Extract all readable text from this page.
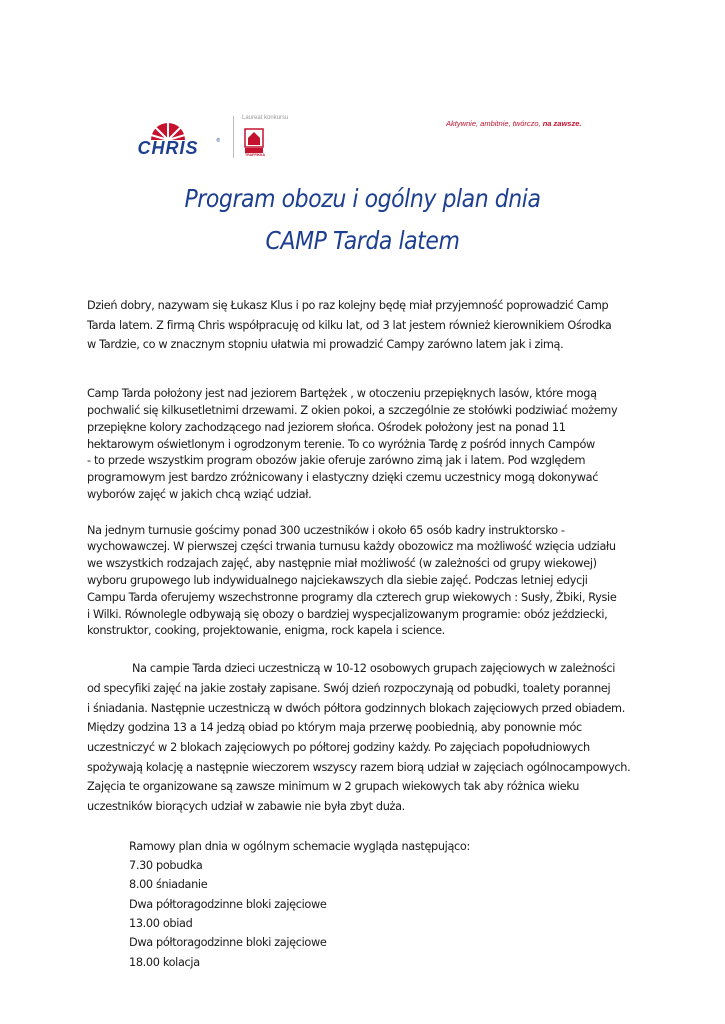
CHRIS	®
Laureat konkursu
TRAFFIKKA
Aktywnie, ambitnie, twórczo, na zawsze.
Program obozu i ogólny plan dnia
CAMP Tarda latem

Dzień dobry, nazywam się Łukasz Klus i po raz kolejny będę miał przyjemność poprowadzić Camp

Tarda latem. Z firmą Chris współpracuję od kilku lat, od 3 lat jestem również kierownikiem Ośrodka

w Tardzie, co w znacznym stopniu ułatwia mi prowadzić Campy zarówno latem jak i zimą.

Camp Tarda położony jest nad jeziorem Bartężek , w otoczeniu przepięknych lasów, które mogą

pochwalić się kilkusetletnimi drzewami. Z okien pokoi, a szczególnie ze stołówki podziwiać możemy

przepiękne kolory zachodzącego nad jeziorem słońca. Ośrodek położony jest na ponad 11

hektarowym oświetlonym i ogrodzonym terenie. To co wyróżnia Tardę z pośród innych Campów

- to przede wszystkim program obozów jakie oferuje zarówno zimą jak i latem. Pod względem

programowym jest bardzo zróżnicowany i elastyczny dzięki czemu uczestnicy mogą dokonywać

wyborów zajęć w jakich chcą wziąć udział.

Na jednym turnusie gościmy ponad 300 uczestników i około 65 osób kadry instruktorsko -

wychowawczej. W pierwszej części trwania turnusu każdy obozowicz ma możliwość wzięcia udziału

we wszystkich rodzajach zajęć, aby następnie miał możliwość (w zależności od grupy wiekowej)

wyboru grupowego lub indywidualnego najciekawszych dla siebie zajęć. Podczas letniej edycji

Campu Tarda oferujemy wszechstronne programy dla czterech grup wiekowych : Susły, Żbiki, Rysie

i Wilki. Równolegle odbywają się obozy o bardziej wyspecjalizowanym programie: obóz jeździecki,

konstruktor, cooking, projektowanie, enigma, rock kapela i science.

Na campie Tarda dzieci uczestniczą w 10-12 osobowych grupach zajęciowych w zależności

od specyfiki zajęć na jakie zostały zapisane. Swój dzień rozpoczynają od pobudki, toalety porannej

i śniadania. Następnie uczestniczą w dwóch półtora godzinnych blokach zajęciowych przed obiadem.

Między godzina 13 a 14 jedzą obiad po którym maja przerwę poobiednią, aby ponownie móc

uczestniczyć w 2 blokach zajęciowych po półtorej godziny każdy. Po zajęciach popołudniowych

spożywają kolację a następnie wieczorem wszyscy razem biorą udział w zajęciach ogólnocampowych.

Zajęcia te organizowane są zawsze minimum w 2 grupach wiekowych tak aby różnica wieku

uczestników biorących udział w zabawie nie była zbyt duża.

Ramowy plan dnia w ogólnym schemacie wygląda następująco:

7.30 pobudka

8.00 śniadanie

Dwa półtoragodzinne bloki zajęciowe

13.00 obiad

Dwa półtoragodzinne bloki zajęciowe

18.00 kolacja
